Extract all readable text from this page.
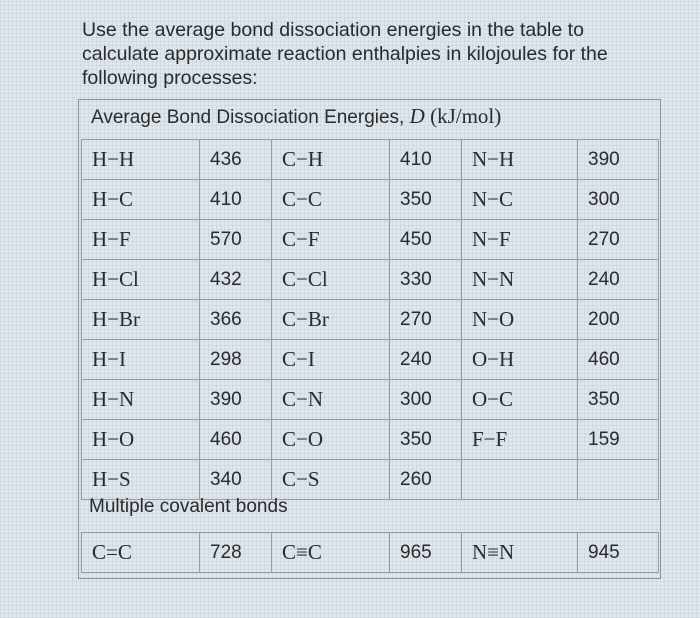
Use the average bond dissociation energies in the table to
calculate approximate reaction enthalpies in kilojoules for the
following processes:
Average Bond Dissociation Energies, D (kJ/mol)
H−H	436	C−H	410	N−H	390
H−C	410	C−C	350	N−C	300
H−F	570	C−F	450	N−F	270
H−Cl	432	C−Cl	330	N−N	240
H−Br	366	C−Br	270	N−O	200
H−I	298	C−I	240	O−H	460
H−N	390	C−N	300	O−C	350
H−O	460	C−O	350	F−F	159
H−S	340	C−S	260		
Multiple covalent bonds
C=C	728	C≡C	965	N≡N	945
